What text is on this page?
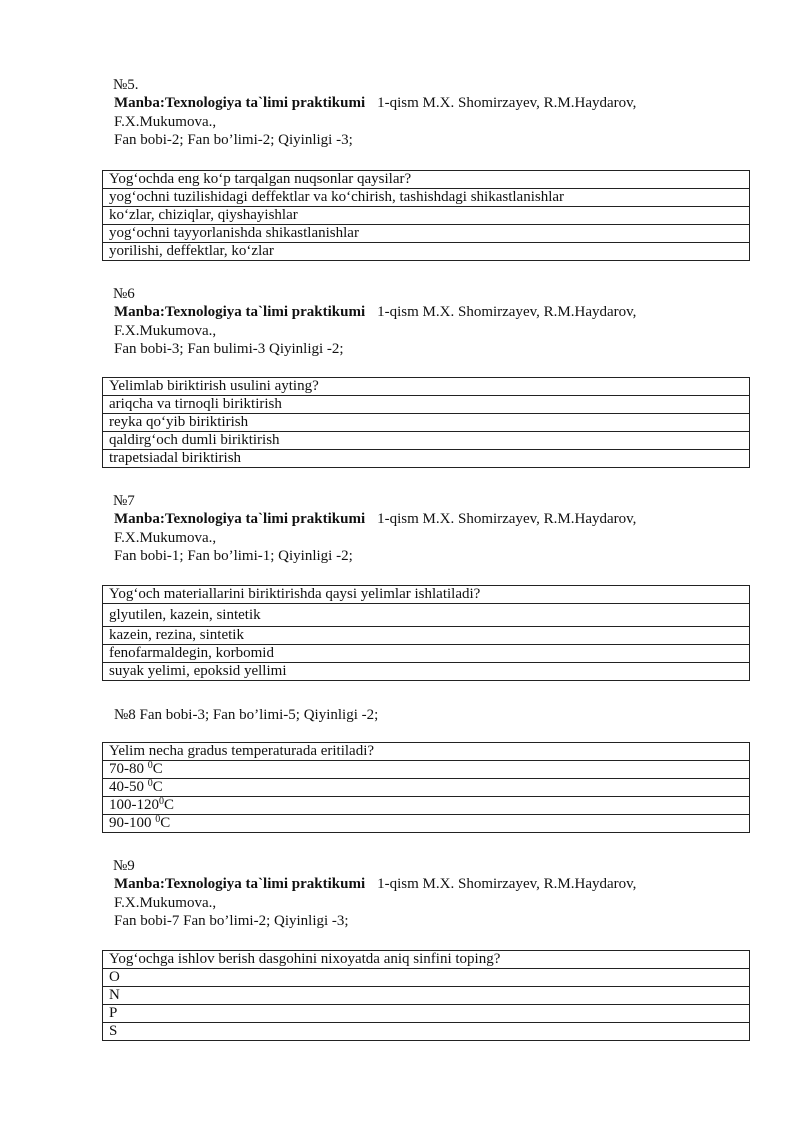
№5.
Manba:Texnologiya ta`limi praktikumi 1-qism M.X. Shomirzayev, R.M.Haydarov,
F.X.Mukumova.,
Fan bobi-2; Fan bo’limi-2; Qiyinligi -3;
Yog‘ochda eng ko‘p tarqalgan nuqsonlar qaysilar?
yog‘ochni tuzilishidagi deffektlar va ko‘chirish, tashishdagi shikastlanishlar
ko‘zlar, chiziqlar, qiyshayishlar
yog‘ochni tayyorlanishda shikastlanishlar
yorilishi, deffektlar, ko‘zlar
№6
Manba:Texnologiya ta`limi praktikumi 1-qism M.X. Shomirzayev, R.M.Haydarov,
F.X.Mukumova.,
Fan bobi-3; Fan bulimi-3 Qiyinligi -2;
Yelimlab biriktirish usulini ayting?
ariqcha va tirnoqli biriktirish
reyka qo‘yib biriktirish
qaldirg‘och dumli biriktirish
trapetsiadal biriktirish
№7
Manba:Texnologiya ta`limi praktikumi 1-qism M.X. Shomirzayev, R.M.Haydarov,
F.X.Mukumova.,
Fan bobi-1; Fan bo’limi-1; Qiyinligi -2;
Yog‘och materiallarini biriktirishda qaysi yelimlar ishlatiladi?
glyutilen, kazein, sintetik
kazein, rezina, sintetik
fenofarmaldegin, korbomid
suyak yelimi, epoksid yellimi
№8 Fan bobi-3; Fan bo’limi-5; Qiyinligi -2;
Yelim necha gradus temperaturada eritiladi?
70-80 $^0$C
40-50 $^0$C
$100-120^0C$
90-100 $^0$C
№9
Manba:Texnologiya ta`limi praktikumi 1-qism M.X. Shomirzayev, R.M.Haydarov,
F.X.Mukumova.,
Fan bobi-7 Fan bo’limi-2; Qiyinligi -3;
Yog‘ochga ishlov berish dasgohini nixoyatda aniq sinfini toping?
O
N
P
S
